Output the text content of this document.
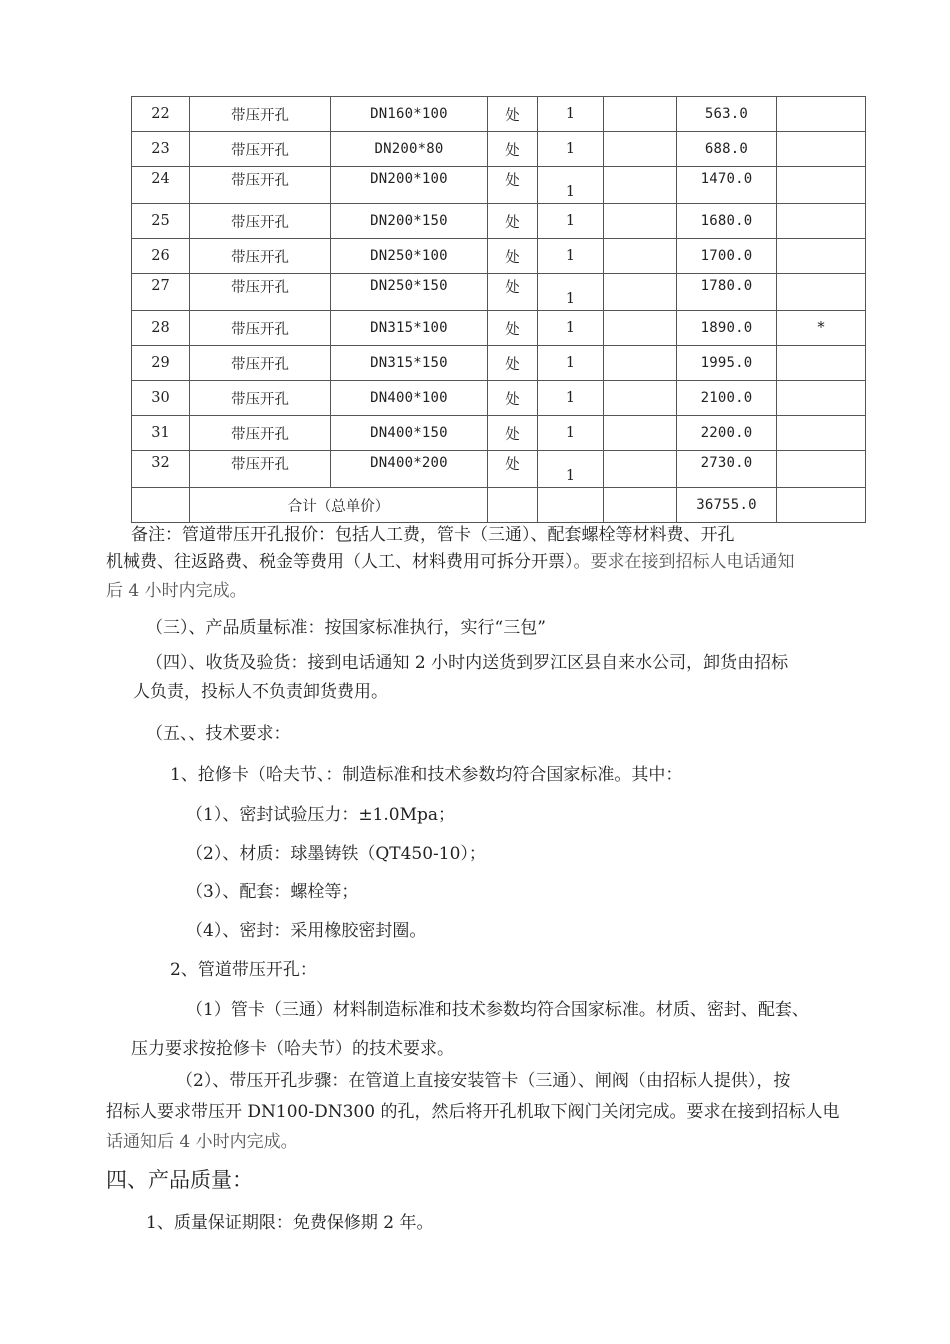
22	带压开孔	DN160*100	处	1		563.0	
23	带压开孔	DN200*80	处	1		688.0	
24	带压开孔	DN200*100	处	1		1470.0	
25	带压开孔	DN200*150	处	1		1680.0	
26	带压开孔	DN250*100	处	1		1700.0	
27	带压开孔	DN250*150	处	1		1780.0	
28	带压开孔	DN315*100	处	1		1890.0	*
29	带压开孔	DN315*150	处	1		1995.0	
30	带压开孔	DN400*100	处	1		2100.0	
31	带压开孔	DN400*150	处	1		2200.0	
32	带压开孔	DN400*200	处	1		2730.0	
	合计（总单价）					36755.0	
备注：管道带压开孔报价：包括人工费，管卡（三通）、配套螺栓等材料费、开孔
机械费、往返路费、税金等费用（人工、材料费用可拆分开票）。要求在接到招标人电话通知
后 4 小时内完成。
（三）、产品质量标准：按国家标准执行，实行“三包”
（四）、收货及验货：接到电话通知 2 小时内送货到罗江区县自来水公司，卸货由招标
人负责，投标人不负责卸货费用。
（五、、技术要求：
1、抢修卡（哈夫节、：制造标准和技术参数均符合国家标准。其中：
（1）、密封试验压力：±1.0Mpa；
（2）、材质：球墨铸铁（QT450-10）；
（3）、配套：螺栓等；
（4）、密封：采用橡胶密封圈。
2、管道带压开孔：
（1）管卡（三通）材料制造标准和技术参数均符合国家标准。材质、密封、配套、
压力要求按抢修卡（哈夫节）的技术要求。
（2）、带压开孔步骤：在管道上直接安装管卡（三通）、闸阀（由招标人提供），按
招标人要求带压开 DN100-DN300 的孔，然后将开孔机取下阀门关闭完成。要求在接到招标人电
话通知后 4 小时内完成。
四、产品质量：
1、质量保证期限：免费保修期 2 年。
